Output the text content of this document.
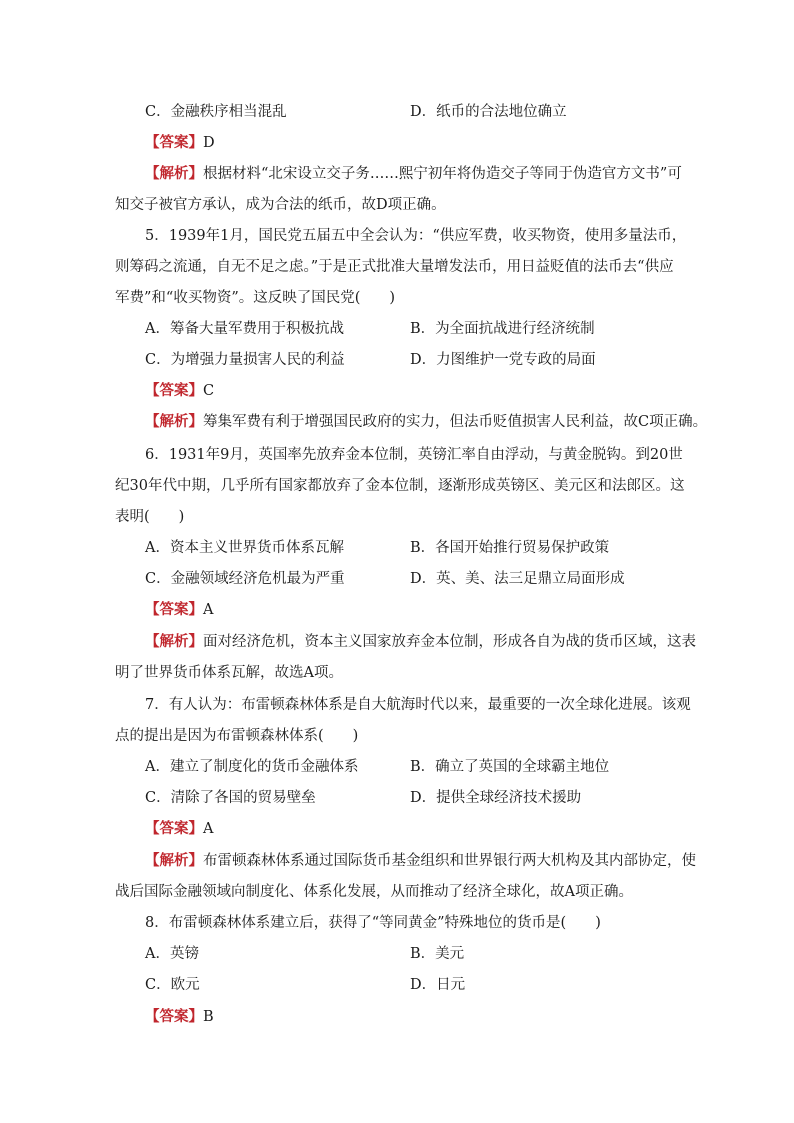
C．金融秩序相当混乱	D．纸币的合法地位确立
【答案】D
【解析】根据材料“北宋设立交子务……熙宁初年将伪造交子等同于伪造官方文书”可
知交子被官方承认，成为合法的纸币，故D项正确。
5．1939年1月，国民党五届五中全会认为：“供应军费，收买物资，使用多量法币，
则筹码之流通，自无不足之虑。”于是正式批准大量增发法币，用日益贬值的法币去“供应
军费”和“收买物资”。这反映了国民党(　　)
A．筹备大量军费用于积极抗战	B．为全面抗战进行经济统制
C．为增强力量损害人民的利益	D．力图维护一党专政的局面
【答案】C
【解析】筹集军费有利于增强国民政府的实力，但法币贬值损害人民利益，故C项正确。
6．1931年9月，英国率先放弃金本位制，英镑汇率自由浮动，与黄金脱钩。到20世
纪30年代中期，几乎所有国家都放弃了金本位制，逐渐形成英镑区、美元区和法郎区。这
表明(　　)
A．资本主义世界货币体系瓦解	B．各国开始推行贸易保护政策
C．金融领域经济危机最为严重	D．英、美、法三足鼎立局面形成
【答案】A
【解析】面对经济危机，资本主义国家放弃金本位制，形成各自为战的货币区域，这表
明了世界货币体系瓦解，故选A项。
7．有人认为：布雷顿森林体系是自大航海时代以来，最重要的一次全球化进展。该观
点的提出是因为布雷顿森林体系(　　)
A．建立了制度化的货币金融体系	B．确立了英国的全球霸主地位
C．清除了各国的贸易壁垒	D．提供全球经济技术援助
【答案】A
【解析】布雷顿森林体系通过国际货币基金组织和世界银行两大机构及其内部协定，使
战后国际金融领域向制度化、体系化发展，从而推动了经济全球化，故A项正确。
8．布雷顿森林体系建立后，获得了“等同黄金”特殊地位的货币是(　　)
A．英镑	B．美元
C．欧元	D．日元
【答案】B
